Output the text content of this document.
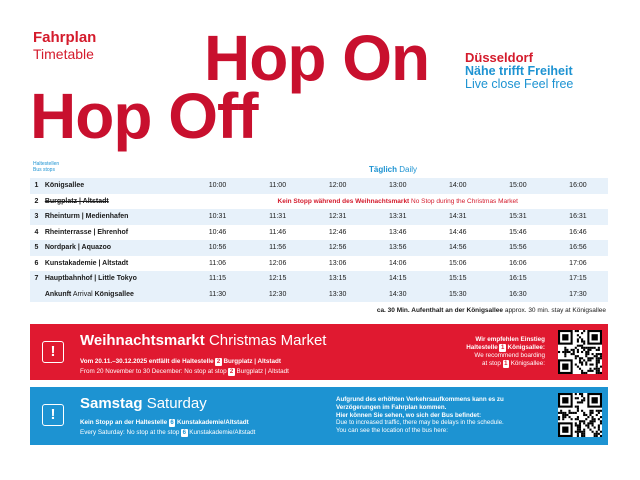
Fahrplan
Timetable
Hop On
Hop Off
Düsseldorf
Nähe trifft Freiheit
Live close Feel free
Haltestellen
Bus stops	Täglich Daily
1	Königsallee	10:00	11:00	12:00	13:00	14:00	15:00	16:00
2	Burgplatz | Altstadt	Kein Stopp während des Weihnachtsmarkt No Stop during the Christmas Market						
3	Rheinturm | Medienhafen	10:31	11:31	12:31	13:31	14:31	15:31	16:31
4	Rheinterrasse | Ehrenhof	10:46	11:46	12:46	13:46	14:46	15:46	16:46
5	Nordpark | Aquazoo	10:56	11:56	12:56	13:56	14:56	15:56	16:56
6	Kunstakademie | Altstadt	11:06	12:06	13:06	14:06	15:06	16:06	17:06
7	Hauptbahnhof | Little Tokyo	11:15	12:15	13:15	14:15	15:15	16:15	17:15
	Ankunft Arrival Königsallee	11:30	12:30	13:30	14:30	15:30	16:30	17:30
ca. 30 Min. Aufenthalt an der Königsallee approx. 30 min. stay at Königsallee
!
Weihnachtsmarkt Christmas Market
Vom 20.11.–30.12.2025 entfällt die Haltestelle 2 Burgplatz | Altstadt
From 20 November to 30 December: No stop at stop 2 Burgplatz | Altstadt
Wir empfehlen Einstieg
Haltestelle 1 Königsallee:
We recommend boarding
at stop 1 Königsallee:
!
Samstag Saturday
Kein Stopp an der Haltestelle 6 Kunstakademie/Altstadt
Every Saturday: No stop at the stop 6 Kunstakademie/Altstadt
Aufgrund des erhöhten Verkehrsaufkommens kann es zu
Verzögerungen im Fahrplan kommen.
Hier können Sie sehen, wo sich der Bus befindet:
Due to increased traffic, there may be delays in the schedule.
You can see the location of the bus here:
